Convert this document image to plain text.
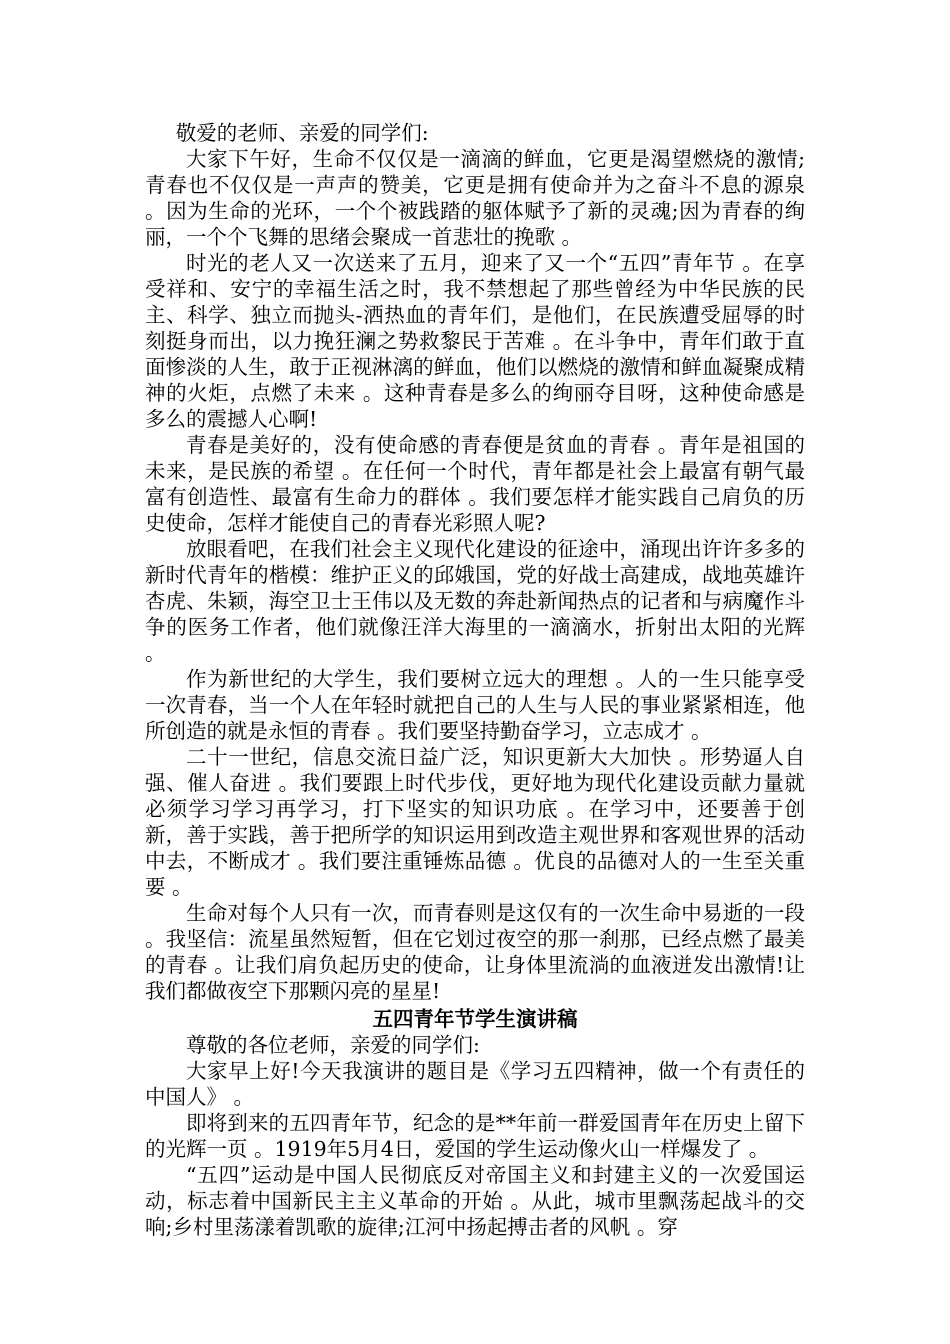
敬爱的老师、亲爱的同学们:

大家下午好，生命不仅仅是一滴滴的鲜血，它更是渴望燃烧的激情;青春也不仅仅是一声声的赞美，它更是拥有使命并为之奋斗不息的源泉 。因为生命的光环，一个个被践踏的躯体赋予了新的灵魂;因为青春的绚丽，一个个飞舞的思绪会聚成一首悲壮的挽歌 。

时光的老人又一次送来了五月，迎来了又一个“五四”青年节 。在享受祥和、安宁的幸福生活之时，我不禁想起了那些曾经为中华民族的民主、科学、独立而抛头-洒热血的青年们，是他们，在民族遭受屈辱的时刻挺身而出，以力挽狂澜之势救黎民于苦难 。在斗争中，青年们敢于直面惨淡的人生，敢于正视淋漓的鲜血，他们以燃烧的激情和鲜血凝聚成精神的火炬，点燃了未来 。这种青春是多么的绚丽夺目呀，这种使命感是多么的震撼人心啊!

青春是美好的，没有使命感的青春便是贫血的青春 。青年是祖国的未来，是民族的希望 。在任何一个时代，青年都是社会上最富有朝气最富有创造性、最富有生命力的群体 。我们要怎样才能实践自己肩负的历史使命，怎样才能使自己的青春光彩照人呢?

放眼看吧，在我们社会主义现代化建设的征途中，涌现出许许多多的新时代青年的楷模：维护正义的邱娥国，党的好战士高建成，战地英雄许杏虎、朱颖，海空卫士王伟以及无数的奔赴新闻热点的记者和与病魔作斗争的医务工作者，他们就像汪洋大海里的一滴滴水，折射出太阳的光辉 。

作为新世纪的大学生，我们要树立远大的理想 。人的一生只能享受一次青春，当一个人在年轻时就把自己的人生与人民的事业紧紧相连，他所创造的就是永恒的青春 。我们要坚持勤奋学习，立志成才 。

二十一世纪，信息交流日益广泛，知识更新大大加快 。形势逼人自强、催人奋进 。我们要跟上时代步伐，更好地为现代化建设贡献力量就必须学习学习再学习，打下坚实的知识功底 。在学习中，还要善于创新，善于实践，善于把所学的知识运用到改造主观世界和客观世界的活动中去，不断成才 。我们要注重锤炼品德 。优良的品德对人的一生至关重要 。

生命对每个人只有一次，而青春则是这仅有的一次生命中易逝的一段 。我坚信：流星虽然短暂，但在它划过夜空的那一刹那，已经点燃了最美的青春 。让我们肩负起历史的使命，让身体里流淌的血液迸发出激情!让我们都做夜空下那颗闪亮的星星!

五四青年节学生演讲稿

尊敬的各位老师，亲爱的同学们:

大家早上好!今天我演讲的题目是《学习五四精神，做一个有责任的中国人》 。

即将到来的五四青年节，纪念的是**年前一群爱国青年在历史上留下的光辉一页 。1919年5月4日，爱国的学生运动像火山一样爆发了 。

“五四”运动是中国人民彻底反对帝国主义和封建主义的一次爱国运动，标志着中国新民主主义革命的开始 。从此，城市里飘荡起战斗的交响;乡村里荡漾着凯歌的旋律;江河中扬起搏击者的风帆 。穿
